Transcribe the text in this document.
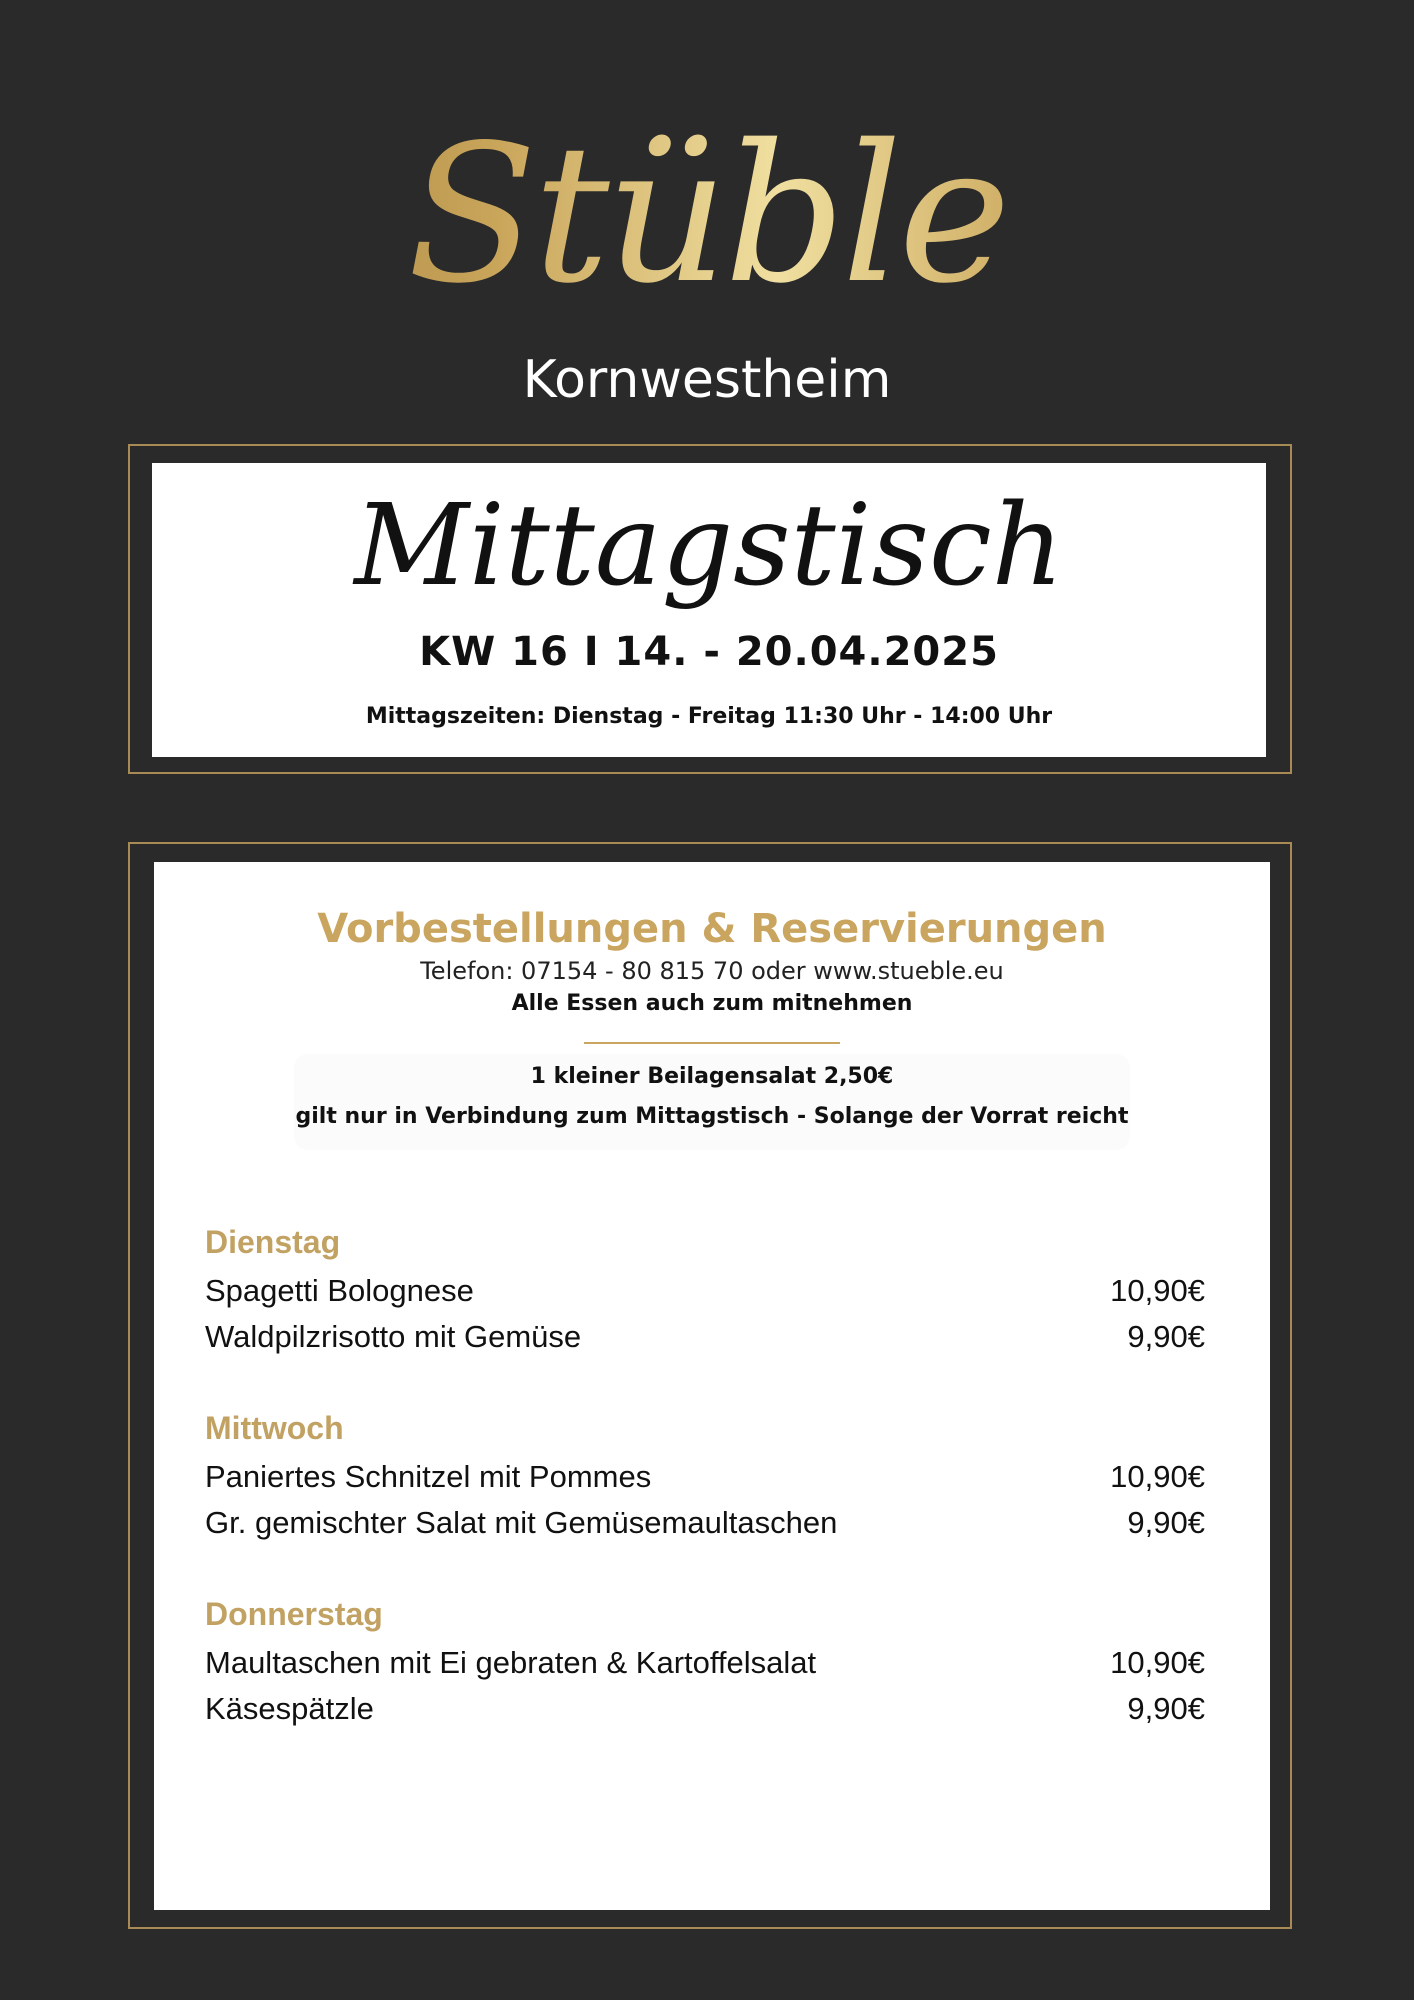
Stüble
Kornwestheim
Mittagstisch
KW 16 I 14. - 20.04.2025
Mittagszeiten: Dienstag - Freitag 11:30 Uhr - 14:00 Uhr
Vorbestellungen & Reservierungen
Telefon: 07154 - 80 815 70 oder www.stueble.eu
Alle Essen auch zum mitnehmen
1 kleiner Beilagensalat 2,50€
gilt nur in Verbindung zum Mittagstisch - Solange der Vorrat reicht
Dienstag
Spagetti Bolognese	10,90€
Waldpilzrisotto mit Gemüse	9,90€
Mittwoch
Paniertes Schnitzel mit Pommes	10,90€
Gr. gemischter Salat mit Gemüsemaultaschen	9,90€
Donnerstag
Maultaschen mit Ei gebraten & Kartoffelsalat	10,90€
Käsespätzle	9,90€
